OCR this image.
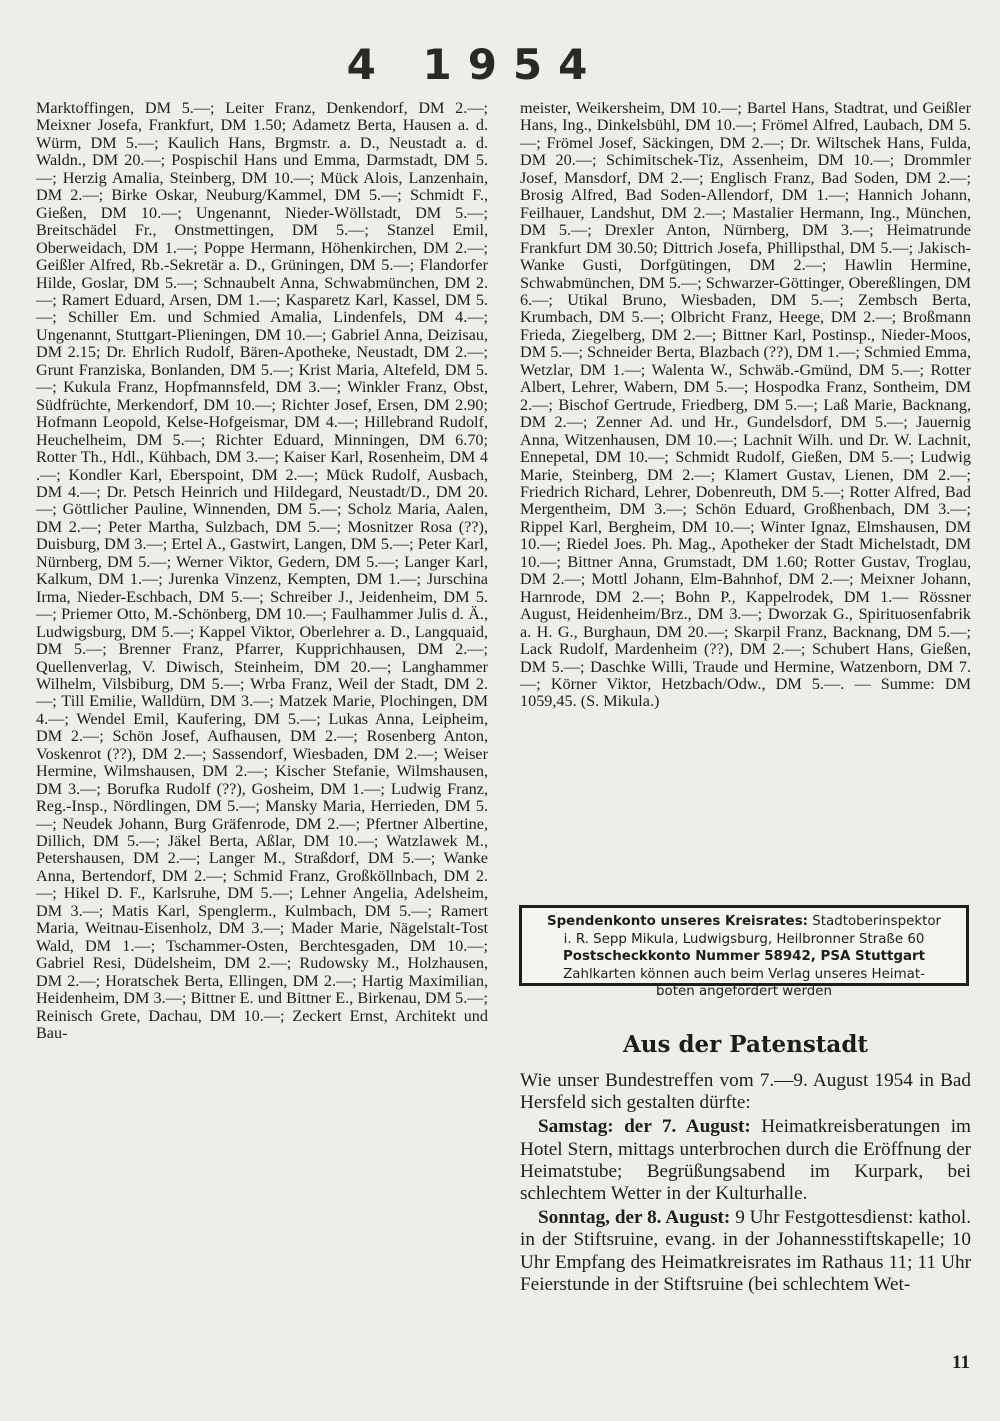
4 1954

Marktoffingen, DM 5.—; Leiter Franz, Denkendorf, DM 2.—; Meixner Josefa, Frankfurt, DM 1.50; Adametz Berta, Hausen a. d. Würm, DM 5.—; Kaulich Hans, Brgmstr. a. D., Neustadt a. d. Waldn., DM 20.—; Pospischil Hans und Emma, Darmstadt, DM 5.—; Herzig Amalia, Steinberg, DM 10.—; Mück Alois, Lanzenhain, DM 2.—; Birke Oskar, Neuburg/Kammel, DM 5.—; Schmidt F., Gießen, DM 10.—; Ungenannt, Nieder-Wöllstadt, DM 5.—; Breitschädel Fr., Onstmettingen, DM 5.—; Stanzel Emil, Oberweidach, DM 1.—; Poppe Hermann, Höhenkirchen, DM 2.—; Geißler Alfred, Rb.-Sekretär a. D., Grüningen, DM 5.—; Flandorfer Hilde, Goslar, DM 5.—; Schnaubelt Anna, Schwabmünchen, DM 2.—; Ramert Eduard, Arsen, DM 1.—; Kasparetz Karl, Kassel, DM 5.—; Schiller Em. und Schmied Amalia, Lindenfels, DM 4.—; Ungenannt, Stuttgart-Plieningen, DM 10.—; Gabriel Anna, Deizisau, DM 2.15; Dr. Ehrlich Rudolf, Bären-Apotheke, Neustadt, DM 2.—; Grunt Franziska, Bonlanden, DM 5.—; Krist Maria, Altefeld, DM 5.—; Kukula Franz, Hopfmannsfeld, DM 3.—; Winkler Franz, Obst, Südfrüchte, Merkendorf, DM 10.—; Richter Josef, Ersen, DM 2.90; Hofmann Leopold, Kelse-Hofgeismar, DM 4.—; Hillebrand Rudolf, Heuchelheim, DM 5.—; Richter Eduard, Minningen, DM 6.70; Rotter Th., Hdl., Kühbach, DM 3.—; Kaiser Karl, Rosenheim, DM 4 .—; Kondler Karl, Eberspoint, DM 2.—; Mück Rudolf, Ausbach, DM 4.—; Dr. Petsch Heinrich und Hildegard, Neustadt/D., DM 20.—; Göttlicher Pauline, Winnenden, DM 5.—; Scholz Maria, Aalen, DM 2.—; Peter Martha, Sulzbach, DM 5.—; Mosnitzer Rosa (??), Duisburg, DM 3.—; Ertel A., Gastwirt, Langen, DM 5.—; Peter Karl, Nürnberg, DM 5.—; Werner Viktor, Gedern, DM 5.—; Langer Karl, Kalkum, DM 1.—; Jurenka Vinzenz, Kempten, DM 1.—; Jurschina Irma, Nieder-Eschbach, DM 5.—; Schreiber J., Jeidenheim, DM 5.—; Priemer Otto, M.-Schönberg, DM 10.—; Faulhammer Julis d. Ä., Ludwigsburg, DM 5.—; Kappel Viktor, Oberlehrer a. D., Langquaid, DM 5.—; Brenner Franz, Pfarrer, Kupprichhausen, DM 2.—; Quellenverlag, V. Diwisch, Steinheim, DM 20.—; Langhammer Wilhelm, Vilsbiburg, DM 5.—; Wrba Franz, Weil der Stadt, DM 2.—; Till Emilie, Walldürn, DM 3.—; Matzek Marie, Plochingen, DM 4.—; Wendel Emil, Kaufering, DM 5.—; Lukas Anna, Leipheim, DM 2.—; Schön Josef, Aufhausen, DM 2.—; Rosenberg Anton, Voskenrot (??), DM 2.—; Sassendorf, Wiesbaden, DM 2.—; Weiser Hermine, Wilmshausen, DM 2.—; Kischer Stefanie, Wilmshausen, DM 3.—; Borufka Rudolf (??), Gosheim, DM 1.—; Ludwig Franz, Reg.-Insp., Nördlingen, DM 5.—; Mansky Maria, Herrieden, DM 5.—; Neudek Johann, Burg Gräfenrode, DM 2.—; Pfertner Albertine, Dillich, DM 5.—; Jäkel Berta, Aßlar, DM 10.—; Watzlawek M., Petershausen, DM 2.—; Langer M., Straßdorf, DM 5.—; Wanke Anna, Bertendorf, DM 2.—; Schmid Franz, Großköllnbach, DM 2.—; Hikel D. F., Karlsruhe, DM 5.—; Lehner Angelia, Adelsheim, DM 3.—; Matis Karl, Spenglerm., Kulmbach, DM 5.—; Ramert Maria, Weitnau-Eisenholz, DM 3.—; Mader Marie, Nägelstalt-Tost Wald, DM 1.—; Tschammer-Osten, Berchtesgaden, DM 10.—; Gabriel Resi, Düdelsheim, DM 2.—; Rudowsky M., Holzhausen, DM 2.—; Horatschek Berta, Ellingen, DM 2.—; Hartig Maximilian, Heidenheim, DM 3.—; Bittner E. und Bittner E., Birkenau, DM 5.—; Reinisch Grete, Dachau, DM 10.—; Zeckert Ernst, Architekt und Bau-

meister, Weikersheim, DM 10.—; Bartel Hans, Stadtrat, und Geißler Hans, Ing., Dinkelsbühl, DM 10.—; Frömel Alfred, Laubach, DM 5.—; Frömel Josef, Säckingen, DM 2.—; Dr. Wiltschek Hans, Fulda, DM 20.—; Schimitschek-Tiz, Assenheim, DM 10.—; Drommler Josef, Mansdorf, DM 2.—; Englisch Franz, Bad Soden, DM 2.—; Brosig Alfred, Bad Soden-Allendorf, DM 1.—; Hannich Johann, Feilhauer, Landshut, DM 2.—; Mastalier Hermann, Ing., München, DM 5.—; Drexler Anton, Nürnberg, DM 3.—; Heimatrunde Frankfurt DM 30.50; Dittrich Josefa, Phillipsthal, DM 5.—; Jakisch-Wanke Gusti, Dorfgütingen, DM 2.—; Hawlin Hermine, Schwabmünchen, DM 5.—; Schwarzer-Göttinger, Obereßlingen, DM 6.—; Utikal Bruno, Wiesbaden, DM 5.—; Zembsch Berta, Krumbach, DM 5.—; Olbricht Franz, Heege, DM 2.—; Broßmann Frieda, Ziegelberg, DM 2.—; Bittner Karl, Postinsp., Nieder-Moos, DM 5.—; Schneider Berta, Blazbach (??), DM 1.—; Schmied Emma, Wetzlar, DM 1.—; Walenta W., Schwäb.-Gmünd, DM 5.—; Rotter Albert, Lehrer, Wabern, DM 5.—; Hospodka Franz, Sontheim, DM 2.—; Bischof Gertrude, Friedberg, DM 5.—; Laß Marie, Backnang, DM 2.—; Zenner Ad. und Hr., Gundelsdorf, DM 5.—; Jauernig Anna, Witzenhausen, DM 10.—; Lachnit Wilh. und Dr. W. Lachnit, Ennepetal, DM 10.—; Schmidt Rudolf, Gießen, DM 5.—; Ludwig Marie, Steinberg, DM 2.—; Klamert Gustav, Lienen, DM 2.—; Friedrich Richard, Lehrer, Dobenreuth, DM 5.—; Rotter Alfred, Bad Mergentheim, DM 3.—; Schön Eduard, Großhenbach, DM 3.—; Rippel Karl, Bergheim, DM 10.—; Winter Ignaz, Elmshausen, DM 10.—; Riedel Joes. Ph. Mag., Apotheker der Stadt Michelstadt, DM 10.—; Bittner Anna, Grumstadt, DM 1.60; Rotter Gustav, Troglau, DM 2.—; Mottl Johann, Elm-Bahnhof, DM 2.—; Meixner Johann, Harnrode, DM 2.—; Bohn P., Kappelrodek, DM 1.— Rössner August, Heidenheim/Brz., DM 3.—; Dworzak G., Spirituosenfabrik a. H. G., Burghaun, DM 20.—; Skarpil Franz, Backnang, DM 5.—; Lack Rudolf, Mardenheim (??), DM 2.—; Schubert Hans, Gießen, DM 5.—; Daschke Willi, Traude und Hermine, Watzenborn, DM 7.—; Körner Viktor, Hetzbach/Odw., DM 5.—. — Summe: DM 1059,45. (S. Mikula.)

Spendenkonto unseres Kreisrates: Stadtoberinspektor
i. R. Sepp Mikula, Ludwigsburg, Heilbronner Straße 60
Postscheckkonto Nummer 58942, PSA Stuttgart
Zahlkarten können auch beim Verlag unseres Heimat-
boten angefordert werden
Aus der Patenstadt

Wie unser Bundestreffen vom 7.—9. August 1954 in Bad Hersfeld sich gestalten dürfte:

Samstag: der 7. August: Heimatkreisberatungen im Hotel Stern, mittags unterbrochen durch die Eröffnung der Heimatstube; Begrüßungsabend im Kurpark, bei schlechtem Wetter in der Kulturhalle.

Sonntag, der 8. August: 9 Uhr Festgottesdienst: kathol. in der Stiftsruine, evang. in der Johannesstiftskapelle; 10 Uhr Empfang des Heimatkreisrates im Rathaus 11; 11 Uhr Feierstunde in der Stiftsruine (bei schlechtem Wet-

11
